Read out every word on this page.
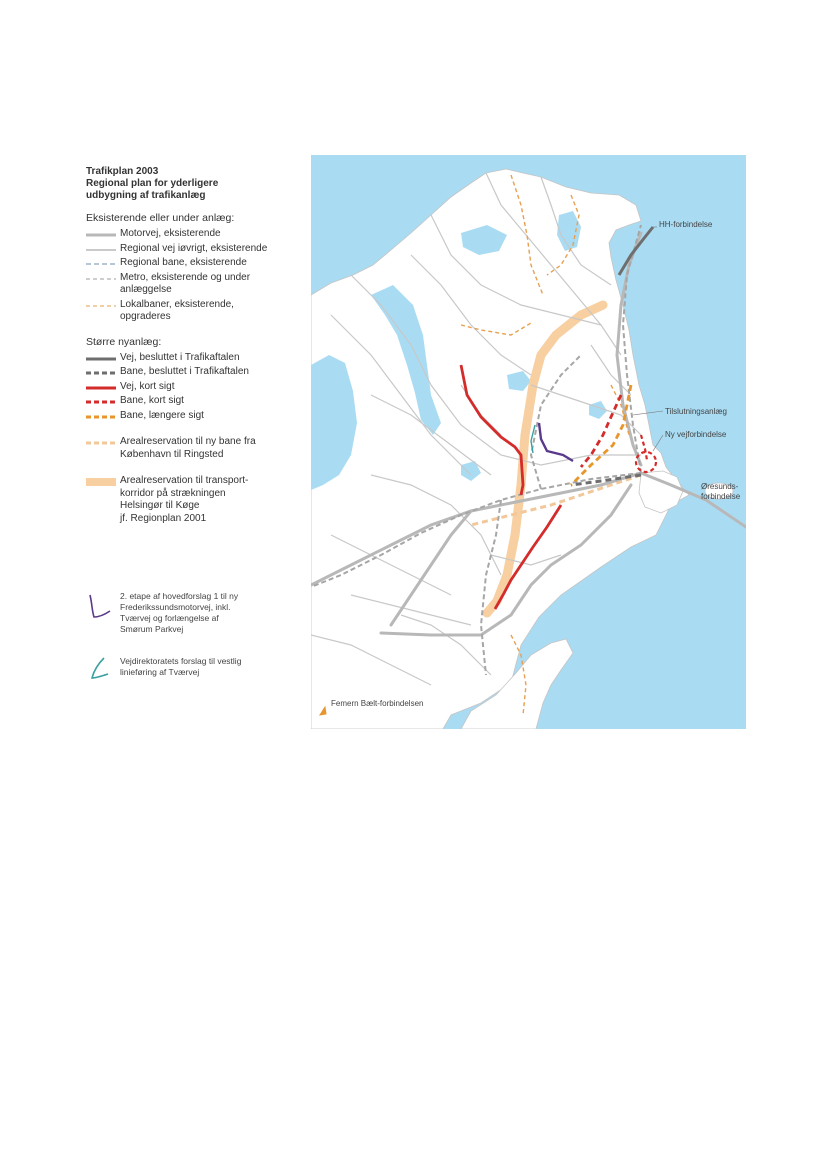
Trafikplan 2003
Regional plan for yderligere
udbygning af trafikanlæg
Eksisterende eller under anlæg:
Motorvej, eksisterende
Regional vej iøvrigt, eksisterende
Regional bane, eksisterende
Metro, eksisterende og under
anlæggelse
Lokalbaner, eksisterende,
opgraderes
Større nyanlæg:
Vej, besluttet i Trafikaftalen
Bane, besluttet i Trafikaftalen
Vej, kort sigt
Bane, kort sigt
Bane, længere sigt
Arealreservation til ny bane fra
København til Ringsted
Arealreservation til transport-
korridor på strækningen
Helsingør til Køge
jf. Regionplan 2001
2. etape af hovedforslag 1 til ny
Frederikssundsmotorvej, inkl.
Tværvej og forlængelse af
Smørum Parkvej
Vejdirektoratets forslag til vestlig
linieføring af Tværvej
HH-forbindelse
Tilslutningsanlæg
Ny vejforbindelse
Øresunds-
forbindelse
Femern Bælt-forbindelsen
